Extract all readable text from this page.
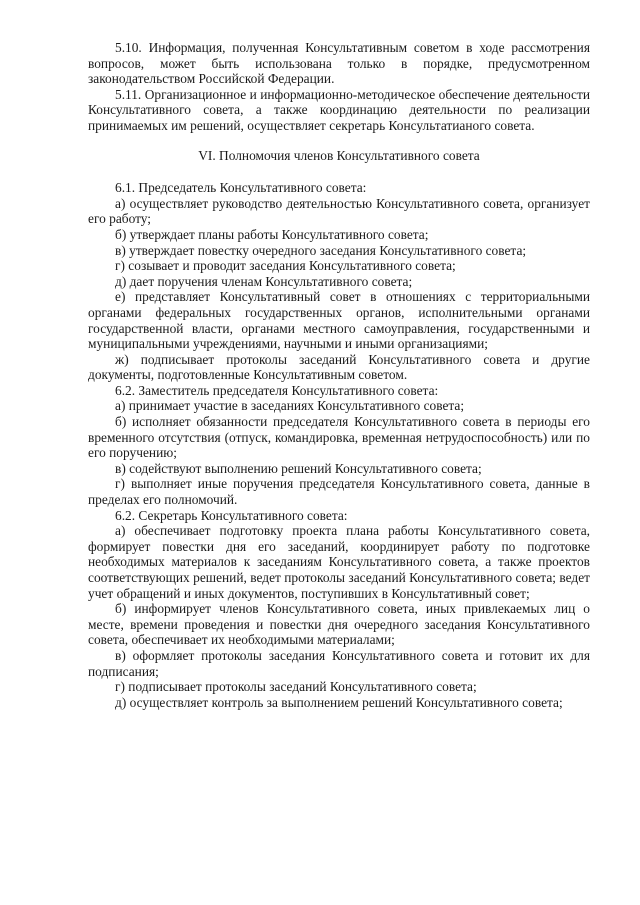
5.10. Информация, полученная Консультативным советом в ходе рассмотрения вопросов, может быть использована только в порядке, предусмотренном законодательством Российской Федерации.

5.11. Организационное и информационно-методическое обеспечение деятельности Консультативного совета, а также координацию деятельности по реализации принимаемых им решений, осуществляет секретарь Консультатианого совета.

VI. Полномочия членов Консультативного совета

6.1. Председатель Консультативного совета:

а) осуществляет руководство деятельностью Консультативного совета, организует его работу;

б) утверждает планы работы Консультативного совета;

в) утверждает повестку очередного заседания Консультативного совета;

г) созывает и проводит заседания Консультативного совета;

д) дает поручения членам Консультативного совета;

е) представляет Консультативный совет в отношениях с территориальными органами федеральных государственных органов, исполнительными органами государственной власти, органами местного самоуправления, государственными и муниципальными учреждениями, научными и иными организациями;

ж) подписывает протоколы заседаний Консультативного совета и другие документы, подготовленные Консультативным советом.

6.2. Заместитель председателя Консультативного совета:

а) принимает участие в заседаниях Консультативного совета;

б) исполняет обязанности председателя Консультативного совета в периоды его временного отсутствия (отпуск, командировка, временная нетрудоспособность) или по его поручению;

в) содействуют выполнению решений Консультативного совета;

г) выполняет иные поручения председателя Консультативного совета, данные в пределах его полномочий.

6.2. Секретарь Консультативного совета:

а) обеспечивает подготовку проекта плана работы Консультативного совета, формирует повестки дня его заседаний, координирует работу по подготовке необходимых материалов к заседаниям Консультативного совета, а также проектов соответствующих решений, ведет протоколы заседаний Консультативного совета; ведет учет обращений и иных документов, поступивших в Консультативный совет;

б) информирует членов Консультативного совета, иных привлекаемых лиц о месте, времени проведения и повестки дня очередного заседания Консультативного совета, обеспечивает их необходимыми материалами;

в) оформляет протоколы заседания Консультативного совета и готовит их для подписания;

г) подписывает протоколы заседаний Консультативного совета;

д) осуществляет контроль за выполнением решений Консультативного совета;
